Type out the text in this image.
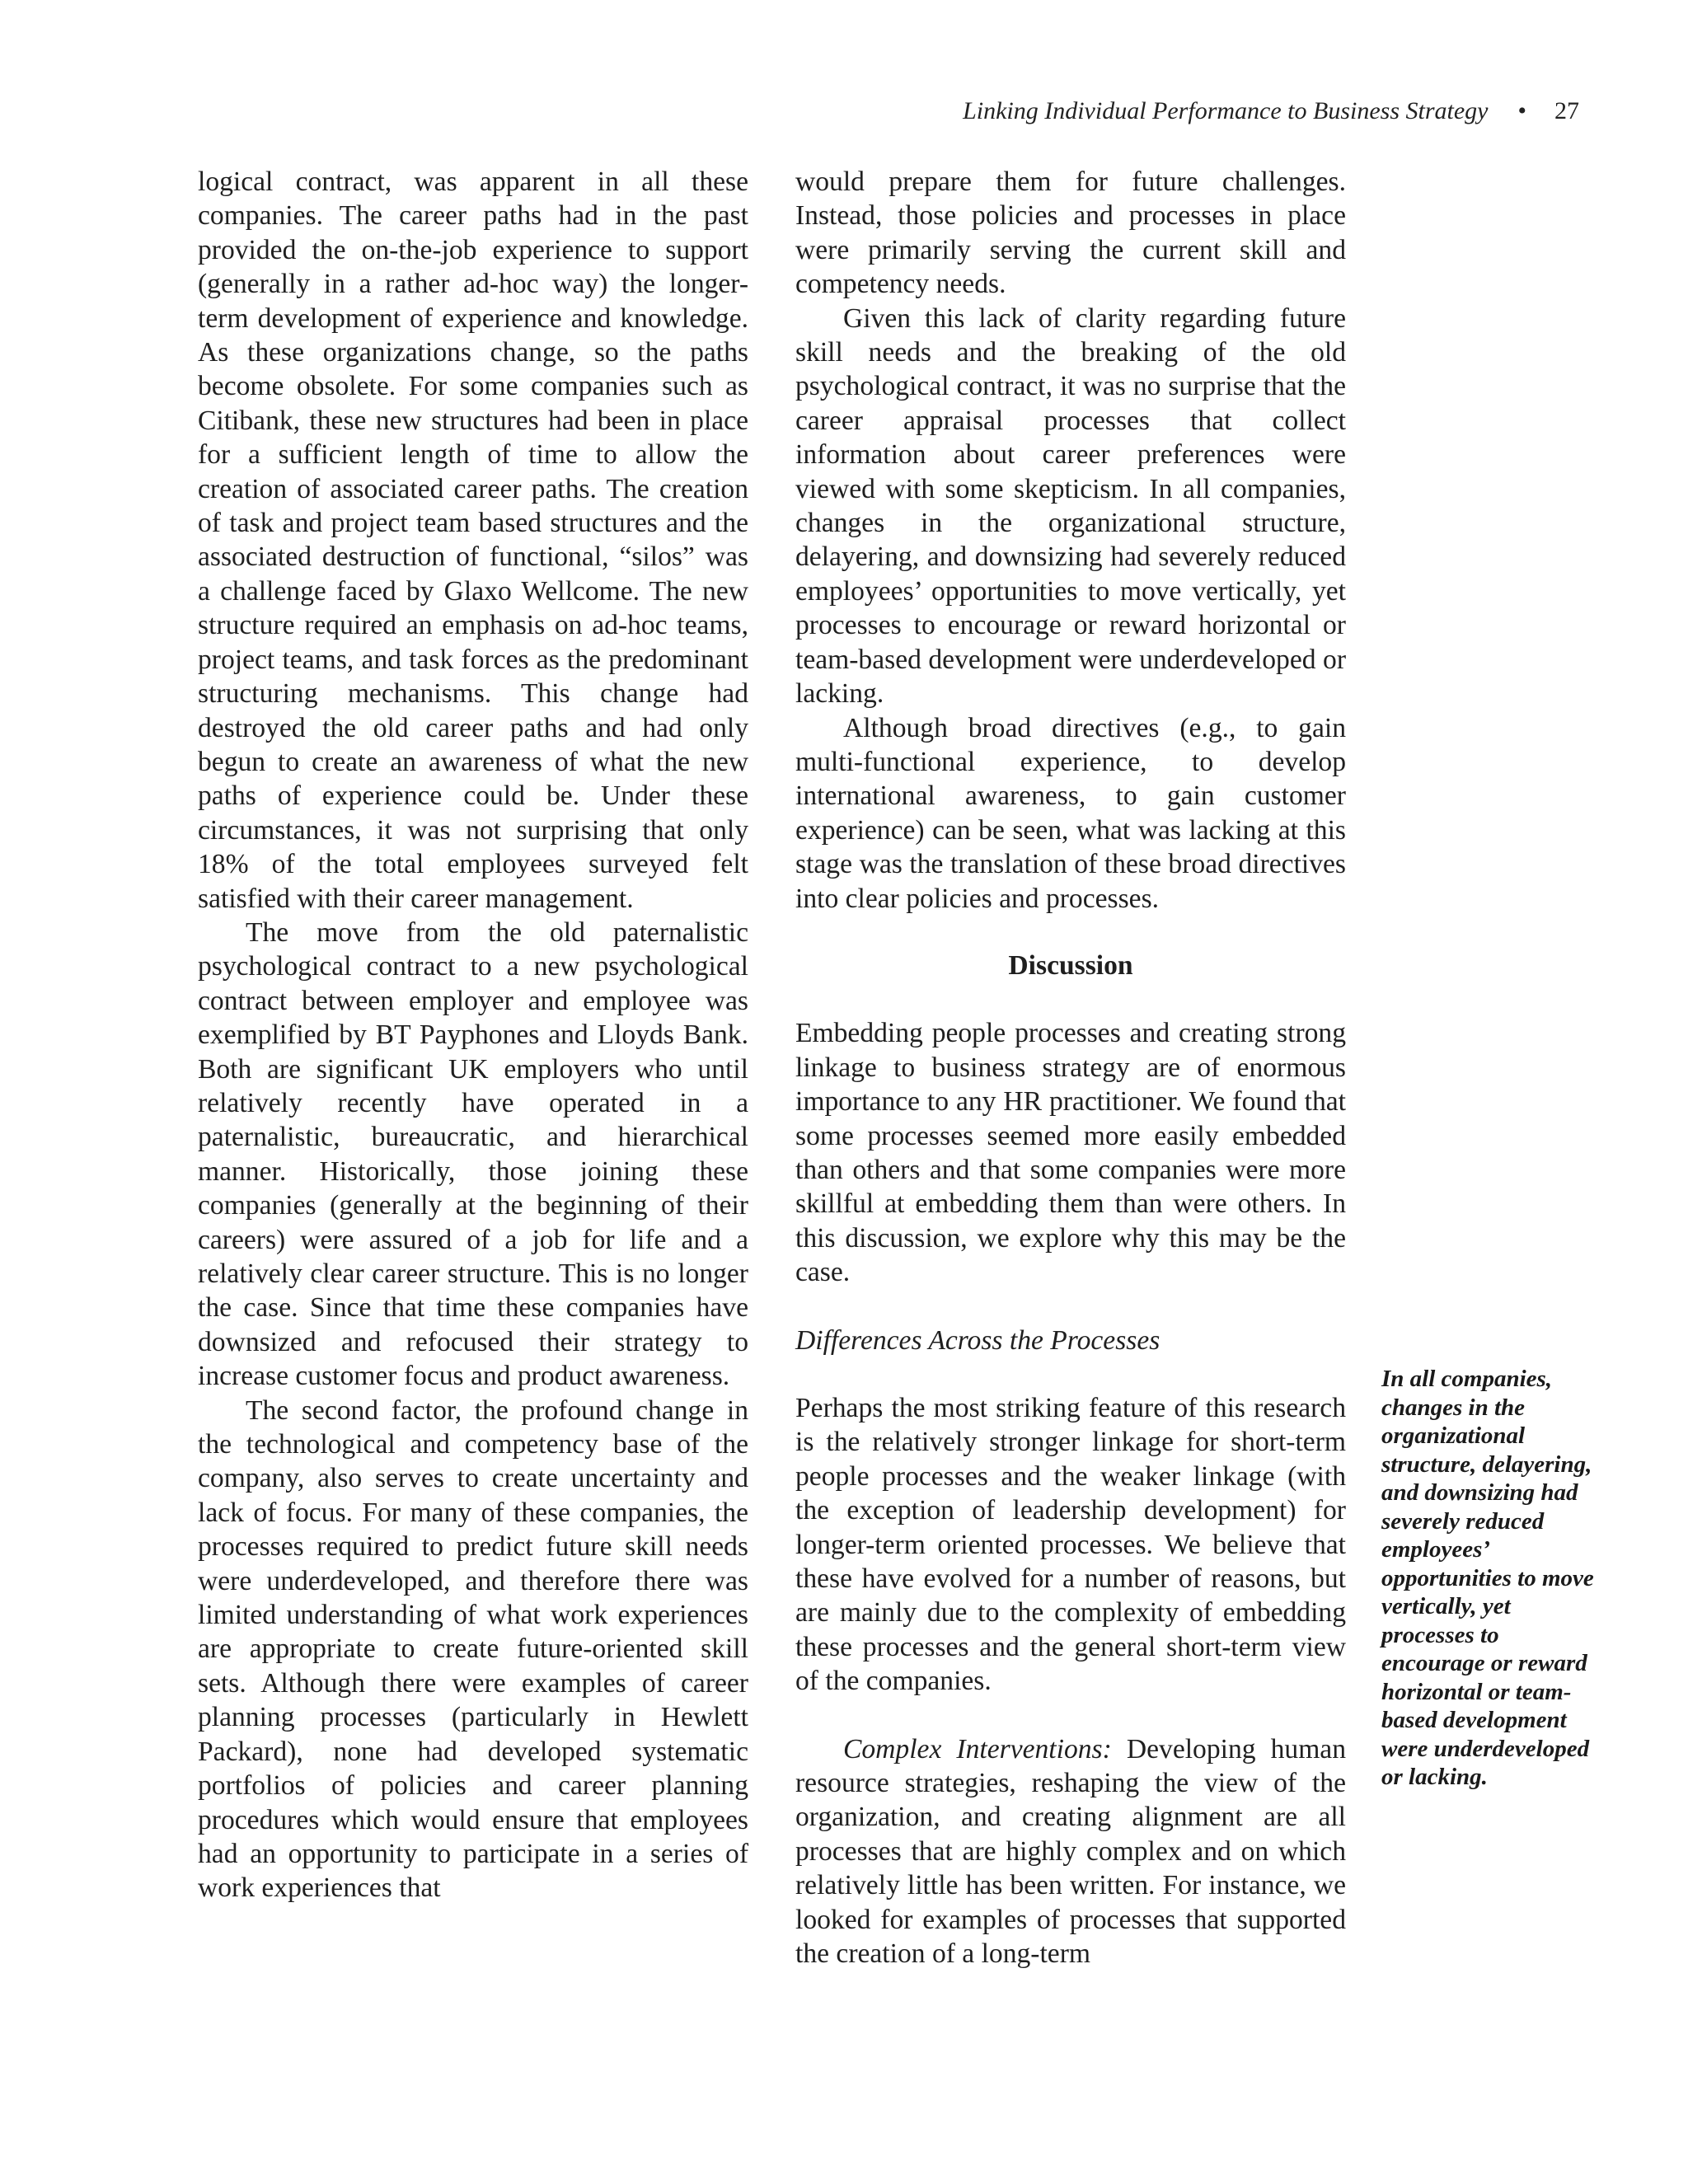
Linking Individual Performance to Business Strategy • 27

logical contract, was apparent in all these companies. The career paths had in the past provided the on-the-job experience to support (generally in a rather ad-hoc way) the longer-term development of experience and knowledge. As these organizations change, so the paths become obsolete. For some companies such as Citibank, these new structures had been in place for a sufficient length of time to allow the creation of associated career paths. The creation of task and project team based structures and the associated destruction of functional, “silos” was a challenge faced by Glaxo Wellcome. The new structure required an emphasis on ad-hoc teams, project teams, and task forces as the predominant structuring mechanisms. This change had destroyed the old career paths and had only begun to create an awareness of what the new paths of experience could be. Under these circumstances, it was not surprising that only 18% of the total employees surveyed felt satisfied with their career management.

The move from the old paternalistic psychological contract to a new psychological contract between employer and employee was exemplified by BT Payphones and Lloyds Bank. Both are significant UK employers who until relatively recently have operated in a paternalistic, bureaucratic, and hierarchical manner. Historically, those joining these companies (generally at the beginning of their careers) were assured of a job for life and a relatively clear career structure. This is no longer the case. Since that time these companies have downsized and refocused their strategy to increase customer focus and product awareness.

The second factor, the profound change in the technological and competency base of the company, also serves to create uncertainty and lack of focus. For many of these companies, the processes required to predict future skill needs were underdeveloped, and therefore there was limited understanding of what work experiences are appropriate to create future-oriented skill sets. Although there were examples of career planning processes (particularly in Hewlett Packard), none had developed systematic portfolios of policies and career planning procedures which would ensure that employees had an opportunity to participate in a series of work experiences that

would prepare them for future challenges. Instead, those policies and processes in place were primarily serving the current skill and competency needs.

Given this lack of clarity regarding future skill needs and the breaking of the old psychological contract, it was no surprise that the career appraisal processes that collect information about career preferences were viewed with some skepticism. In all companies, changes in the organizational structure, delayering, and downsizing had severely reduced employees’ opportunities to move vertically, yet processes to encourage or reward horizontal or team-based development were underdeveloped or lacking.

Although broad directives (e.g., to gain multi-functional experience, to develop international awareness, to gain customer experience) can be seen, what was lacking at this stage was the translation of these broad directives into clear policies and processes.

Discussion

Embedding people processes and creating strong linkage to business strategy are of enormous importance to any HR practitioner. We found that some processes seemed more easily embedded than others and that some companies were more skillful at embedding them than were others. In this discussion, we explore why this may be the case.

Differences Across the Processes

Perhaps the most striking feature of this research is the relatively stronger linkage for short-term people processes and the weaker linkage (with the exception of leadership development) for longer-term oriented processes. We believe that these have evolved for a number of reasons, but are mainly due to the complexity of embedding these processes and the general short-term view of the companies.

Complex Interventions: Developing human resource strategies, reshaping the view of the organization, and creating alignment are all processes that are highly complex and on which relatively little has been written. For instance, we looked for examples of processes that supported the creation of a long-term

In all companies, changes in the organizational structure, delayering, and downsizing had severely reduced employees’ opportunities to move vertically, yet processes to encourage or reward horizontal or team-based development were underdeveloped or lacking.
